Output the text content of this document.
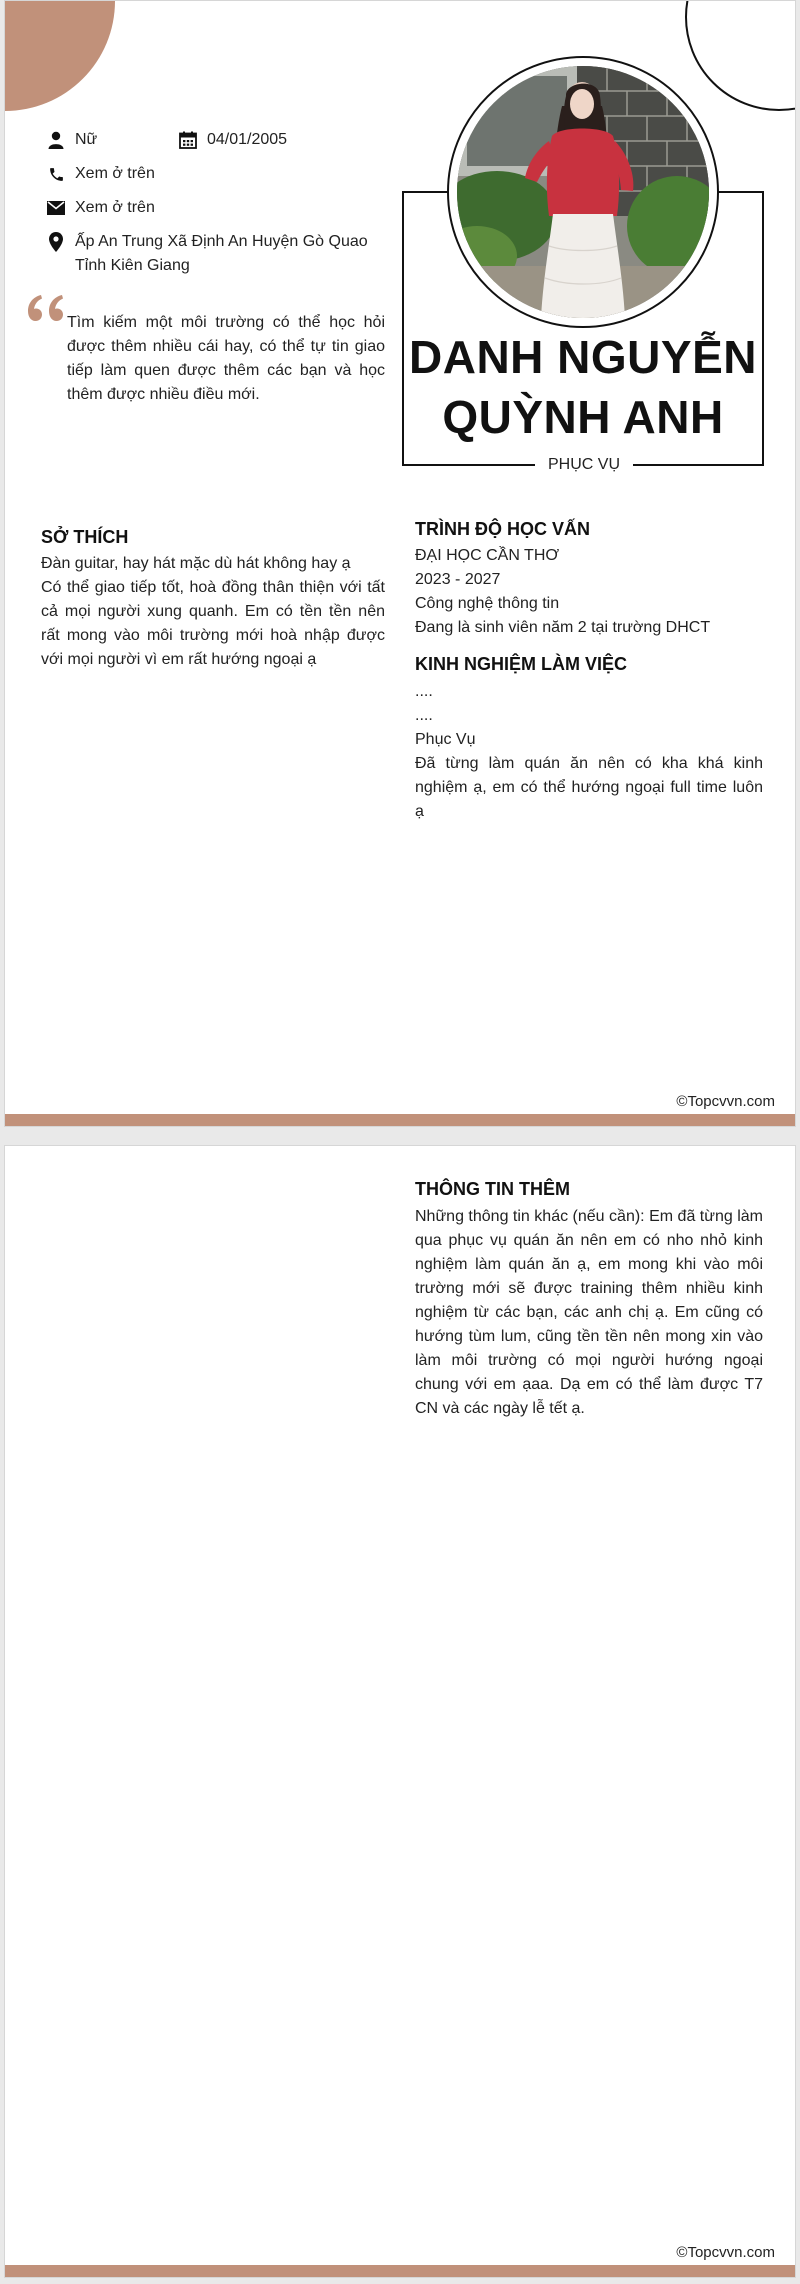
Nữ	04/01/2005
Xem ở trên
Xem ở trên
Ấp An Trung Xã Định An Huyện Gò Quao
Tỉnh Kiên Giang
Tìm kiếm một môi trường có thể học hỏi được thêm nhiều cái hay, có thể tự tin giao tiếp làm quen được thêm các bạn và học thêm được nhiều điều mới.
DANH NGUYỄN
QUỲNH ANH
PHỤC VỤ
SỞ THÍCH
Đàn guitar, hay hát mặc dù hát không hay ạ
Có thể giao tiếp tốt, hoà đồng thân thiện với tất cả mọi người xung quanh. Em có tền tền nên rất mong vào môi trường mới hoà nhập được với mọi người vì em rất hướng ngoại ạ
TRÌNH ĐỘ HỌC VẤN
ĐẠI HỌC CẦN THƠ
2023 - 2027
Công nghệ thông tin
Đang là sinh viên năm 2 tại trường DHCT
KINH NGHIỆM LÀM VIỆC
....
....
Phục Vụ
Đã từng làm quán ăn nên có kha khá kinh nghiệm ạ, em có thể hướng ngoại full time luôn ạ
©Topcvvn.com
THÔNG TIN THÊM
Những thông tin khác (nếu cần): Em đã từng làm qua phục vụ quán ăn nên em có nho nhỏ kinh nghiệm làm quán ăn ạ, em mong khi vào môi trường mới sẽ được training thêm nhiều kinh nghiệm từ các bạn, các anh chị ạ. Em cũng có hướng tùm lum, cũng tền tền nên mong xin vào làm môi trường có mọi người hướng ngoại chung với em ạaa. Dạ em có thể làm được T7 CN và các ngày lễ tết ạ.
©Topcvvn.com
